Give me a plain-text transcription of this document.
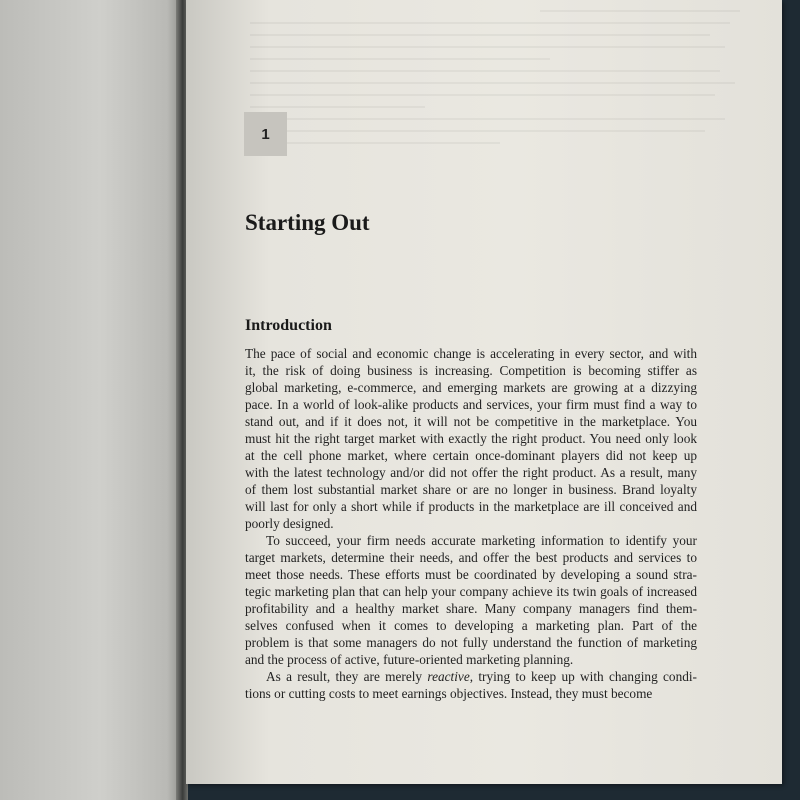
1
Starting Out
Introduction

The pace of social and economic change is accelerating in every sector, and with
it, the risk of doing business is increasing. Competition is becoming stiffer as
global marketing, e-commerce, and emerging markets are growing at a dizzying
pace. In a world of look-alike products and services, your firm must find a way to
stand out, and if it does not, it will not be competitive in the marketplace. You
must hit the right target market with exactly the right product. You need only look
at the cell phone market, where certain once-dominant players did not keep up
with the latest technology and/or did not offer the right product. As a result, many
of them lost substantial market share or are no longer in business. Brand loyalty
will last for only a short while if products in the marketplace are ill conceived and
poorly designed.

To succeed, your firm needs accurate marketing information to identify your
target markets, determine their needs, and offer the best products and services to
meet those needs. These efforts must be coordinated by developing a sound stra-
tegic marketing plan that can help your company achieve its twin goals of increased
profitability and a healthy market share. Many company managers find them-
selves confused when it comes to developing a marketing plan. Part of the
problem is that some managers do not fully understand the function of marketing
and the process of active, future-oriented marketing planning.

As a result, they are merely reactive, trying to keep up with changing condi-
tions or cutting costs to meet earnings objectives. Instead, they must become
